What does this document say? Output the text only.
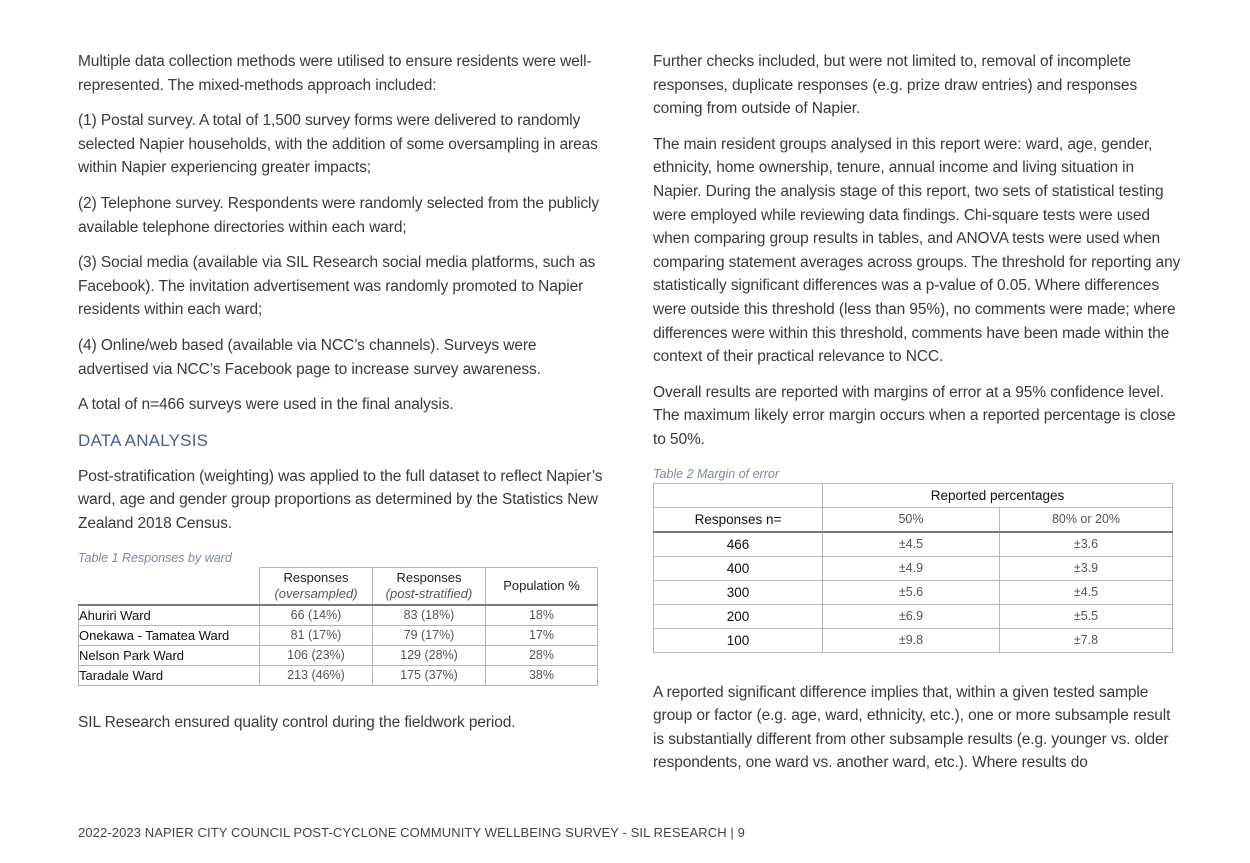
Multiple data collection methods were utilised to ensure residents were well-represented. The mixed-methods approach included:

(1) Postal survey. A total of 1,500 survey forms were delivered to randomly selected Napier households, with the addition of some oversampling in areas within Napier experiencing greater impacts;

(2) Telephone survey. Respondents were randomly selected from the publicly available telephone directories within each ward;

(3) Social media (available via SIL Research social media platforms, such as Facebook). The invitation advertisement was randomly promoted to Napier residents within each ward;

(4) Online/web based (available via NCC’s channels). Surveys were advertised via NCC’s Facebook page to increase survey awareness.

A total of n=466 surveys were used in the final analysis.

DATA ANALYSIS

Post-stratification (weighting) was applied to the full dataset to reflect Napier’s ward, age and gender group proportions as determined by the Statistics New Zealand 2018 Census.

Table 1 Responses by ward
	Responses
(oversampled)	Responses
(post-stratified)	Population %
Ahuriri Ward	66 (14%)	83 (18%)	18%
Onekawa - Tamatea Ward	81 (17%)	79 (17%)	17%
Nelson Park Ward	106 (23%)	129 (28%)	28%
Taradale Ward	213 (46%)	175 (37%)	38%

SIL Research ensured quality control during the fieldwork period.

Further checks included, but were not limited to, removal of incomplete responses, duplicate responses (e.g. prize draw entries) and responses coming from outside of Napier.

The main resident groups analysed in this report were: ward, age, gender, ethnicity, home ownership, tenure, annual income and living situation in Napier. During the analysis stage of this report, two sets of statistical testing were employed while reviewing data findings. Chi-square tests were used when comparing group results in tables, and ANOVA tests were used when comparing statement averages across groups. The threshold for reporting any statistically significant differences was a p-value of 0.05. Where differences were outside this threshold (less than 95%), no comments were made; where differences were within this threshold, comments have been made within the context of their practical relevance to NCC.

Overall results are reported with margins of error at a 95% confidence level. The maximum likely error margin occurs when a reported percentage is close to 50%.

Table 2 Margin of error
	Reported percentages	
Responses n=	50%	80% or 20%
466	±4.5	±3.6
400	±4.9	±3.9
300	±5.6	±4.5
200	±6.9	±5.5
100	±9.8	±7.8

A reported significant difference implies that, within a given tested sample group or factor (e.g. age, ward, ethnicity, etc.), one or more subsample result is substantially different from other subsample results (e.g. younger vs. older respondents, one ward vs. another ward, etc.). Where results do

2022-2023 NAPIER CITY COUNCIL POST-CYCLONE COMMUNITY WELLBEING SURVEY - SIL RESEARCH | 9
